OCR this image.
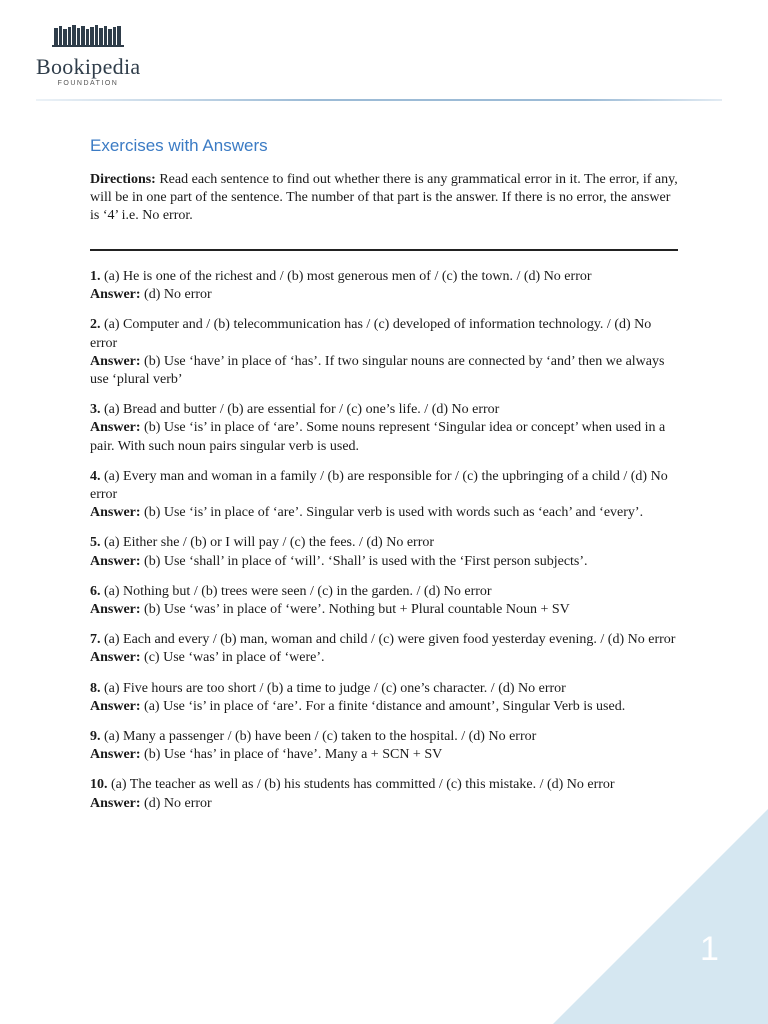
Bookipedia
FOUNDATION
Exercises with Answers
Directions: Read each sentence to find out whether there is any grammatical error in it. The error, if any, will be in one part of the sentence. The number of that part is the answer. If there is no error, the answer is ‘4’ i.e. No error.

1. (a) He is one of the richest and / (b) most generous men of / (c) the town. / (d) No error

Answer: (d) No error

2. (a) Computer and / (b) telecommunication has / (c) developed of information technology. / (d) No error

Answer: (b) Use ‘have’ in place of ‘has’. If two singular nouns are connected by ‘and’ then we always use ‘plural verb’

3. (a) Bread and butter / (b) are essential for / (c) one’s life. / (d) No error

Answer: (b) Use ‘is’ in place of ‘are’. Some nouns represent ‘Singular idea or concept’ when used in a pair. With such noun pairs singular verb is used.

4. (a) Every man and woman in a family / (b) are responsible for / (c) the upbringing of a child / (d) No error

Answer: (b) Use ‘is’ in place of ‘are’. Singular verb is used with words such as ‘each’ and ‘every’.

5. (a) Either she / (b) or I will pay / (c) the fees. / (d) No error

Answer: (b) Use ‘shall’ in place of ‘will’. ‘Shall’ is used with the ‘First person subjects’.

6. (a) Nothing but / (b) trees were seen / (c) in the garden. / (d) No error

Answer: (b) Use ‘was’ in place of ‘were’. Nothing but + Plural countable Noun + SV

7. (a) Each and every / (b) man, woman and child / (c) were given food yesterday evening. / (d) No error

Answer: (c) Use ‘was’ in place of ‘were’.

8. (a) Five hours are too short / (b) a time to judge / (c) one’s character. / (d) No error

Answer: (a) Use ‘is’ in place of ‘are’. For a finite ‘distance and amount’, Singular Verb is used.

9. (a) Many a passenger / (b) have been / (c) taken to the hospital. / (d) No error

Answer: (b) Use ‘has’ in place of ‘have’. Many a + SCN + SV

10. (a) The teacher as well as / (b) his students has committed / (c) this mistake. / (d) No error

Answer: (d) No error

1
